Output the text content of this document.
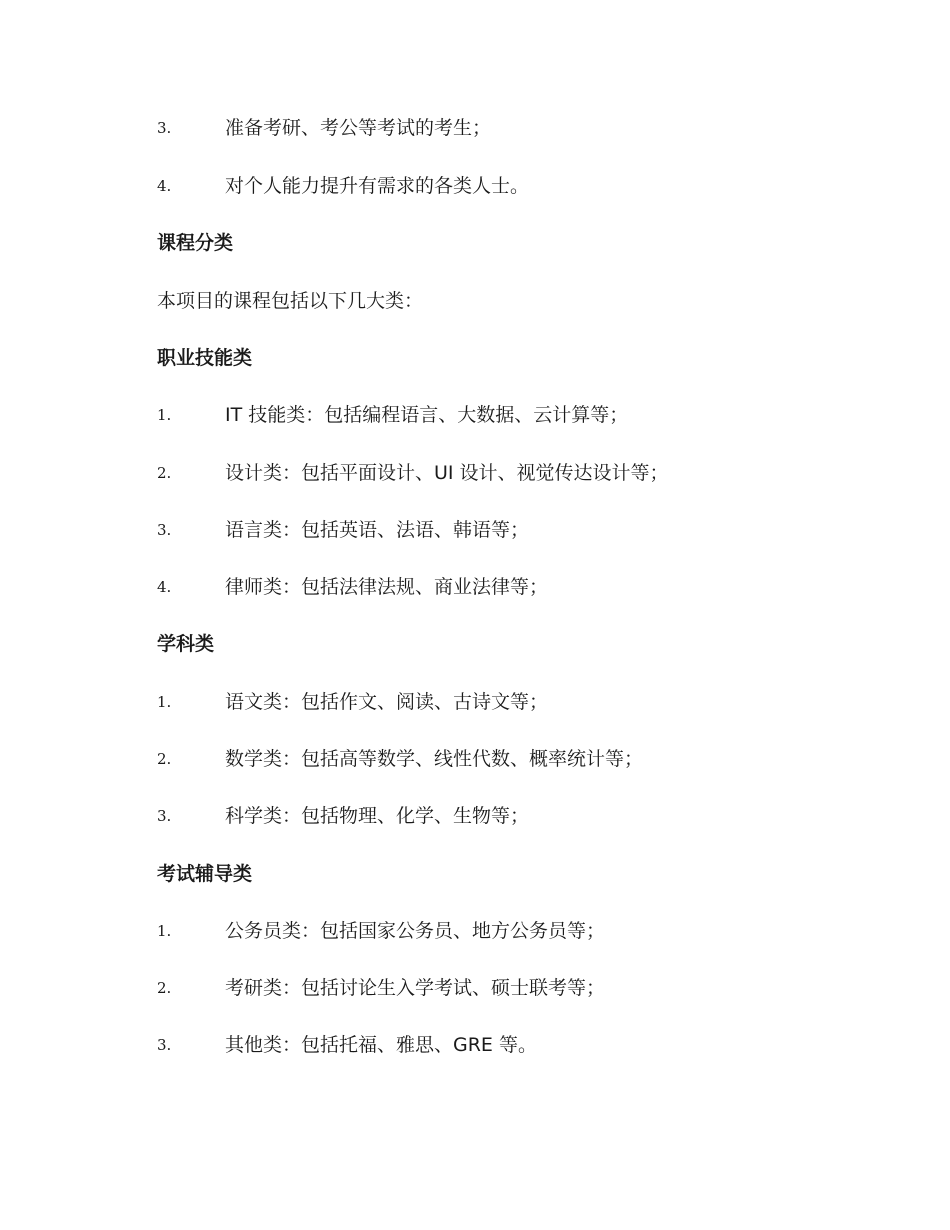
3.	准备考研、考公等考试的考生；
4.	对个人能力提升有需求的各类人士。
课程分类
本项目的课程包括以下几大类：
职业技能类
1.	IT 技能类：包括编程语言、大数据、云计算等；
2.	设计类：包括平面设计、UI 设计、视觉传达设计等；
3.	语言类：包括英语、法语、韩语等；
4.	律师类：包括法律法规、商业法律等；
学科类
1.	语文类：包括作文、阅读、古诗文等；
2.	数学类：包括高等数学、线性代数、概率统计等；
3.	科学类：包括物理、化学、生物等；
考试辅导类
1.	公务员类：包括国家公务员、地方公务员等；
2.	考研类：包括讨论生入学考试、硕士联考等；
3.	其他类：包括托福、雅思、GRE 等。
